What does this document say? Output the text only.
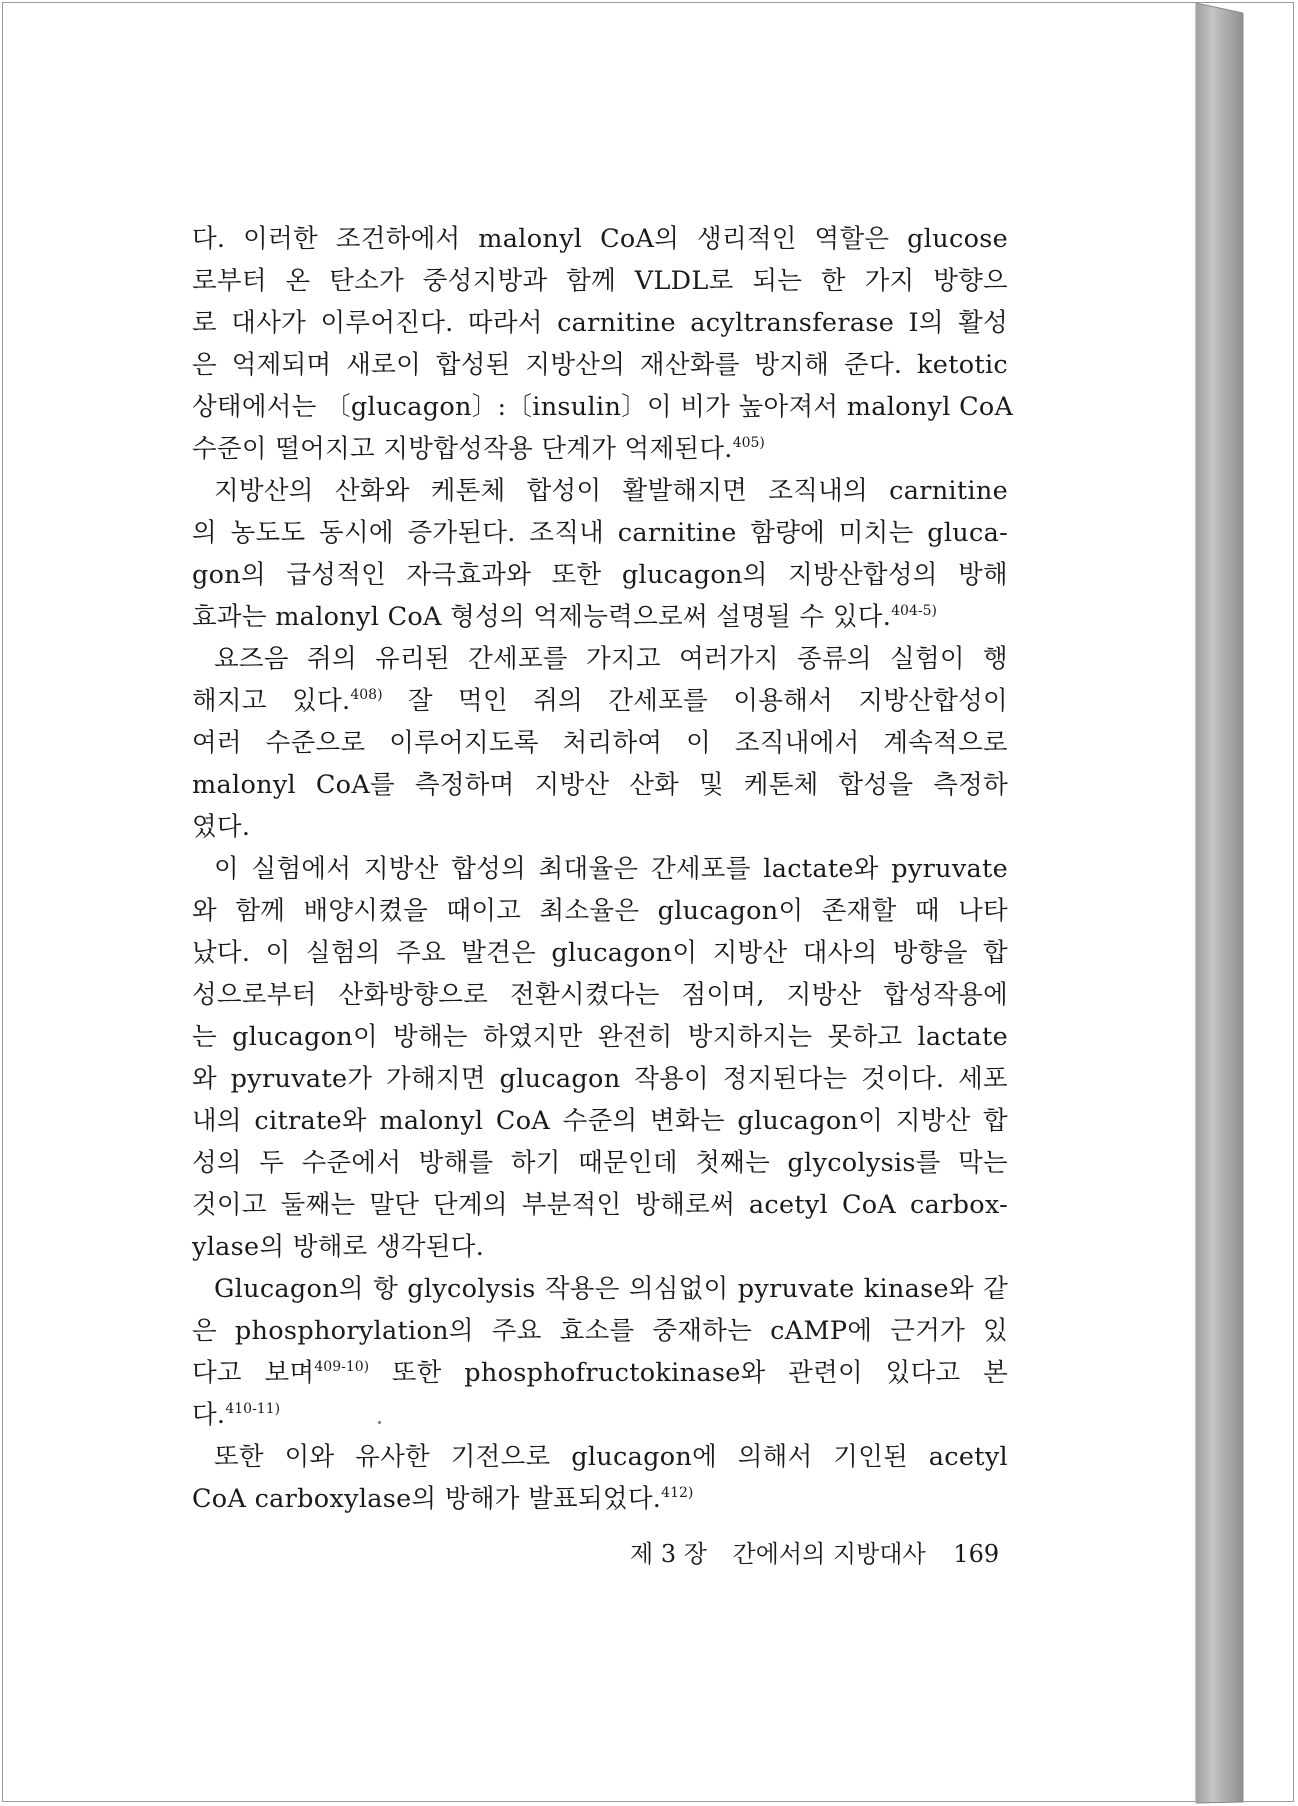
다. 이러한 조건하에서 malonyl CoA의 생리적인 역할은 glucose
로부터 온 탄소가 중성지방과 함께 VLDL로 되는 한 가지 방향으
로 대사가 이루어진다. 따라서 carnitine acyltransferase I의 활성
은 억제되며 새로이 합성된 지방산의 재산화를 방지해 준다. ketotic
상태에서는 〔glucagon〕:〔insulin〕이 비가 높아져서 malonyl CoA
수준이 떨어지고 지방합성작용 단계가 억제된다.$^{405)}$
지방산의 산화와 케톤체 합성이 활발해지면 조직내의 carnitine
의 농도도 동시에 증가된다. 조직내 carnitine 함량에 미치는 gluca-
gon의 급성적인 자극효과와 또한 glucagon의 지방산합성의 방해
효과는 malonyl CoA 형성의 억제능력으로써 설명될 수 있다.$^{404-5)}$
요즈음 쥐의 유리된 간세포를 가지고 여러가지 종류의 실험이 행
해지고 있다.$^{408)}$ 잘 먹인 쥐의 간세포를 이용해서 지방산합성이
여러 수준으로 이루어지도록 처리하여 이 조직내에서 계속적으로
malonyl CoA를 측정하며 지방산 산화 및 케톤체 합성을 측정하
였다.
이 실험에서 지방산 합성의 최대율은 간세포를 lactate와 pyruvate
와 함께 배양시켰을 때이고 최소율은 glucagon이 존재할 때 나타
났다. 이 실험의 주요 발견은 glucagon이 지방산 대사의 방향을 합
성으로부터 산화방향으로 전환시켰다는 점이며, 지방산 합성작용에
는 glucagon이 방해는 하였지만 완전히 방지하지는 못하고 lactate
와 pyruvate가 가해지면 glucagon 작용이 정지된다는 것이다. 세포
내의 citrate와 malonyl CoA 수준의 변화는 glucagon이 지방산 합
성의 두 수준에서 방해를 하기 때문인데 첫째는 glycolysis를 막는
것이고 둘째는 말단 단계의 부분적인 방해로써 acetyl CoA carbox-
ylase의 방해로 생각된다.
Glucagon의 항 glycolysis 작용은 의심없이 pyruvate kinase와 같
은 phosphorylation의 주요 효소를 중재하는 cAMP에 근거가 있
다고 보며$^{409-10)}$ 또한 phosphofructokinase와 관련이 있다고 본
다.$^{410-11)}$
또한 이와 유사한 기전으로 glucagon에 의해서 기인된 acetyl
CoA carboxylase의 방해가 발표되었다.$^{412)}$
제 3 장 간에서의 지방대사 169
